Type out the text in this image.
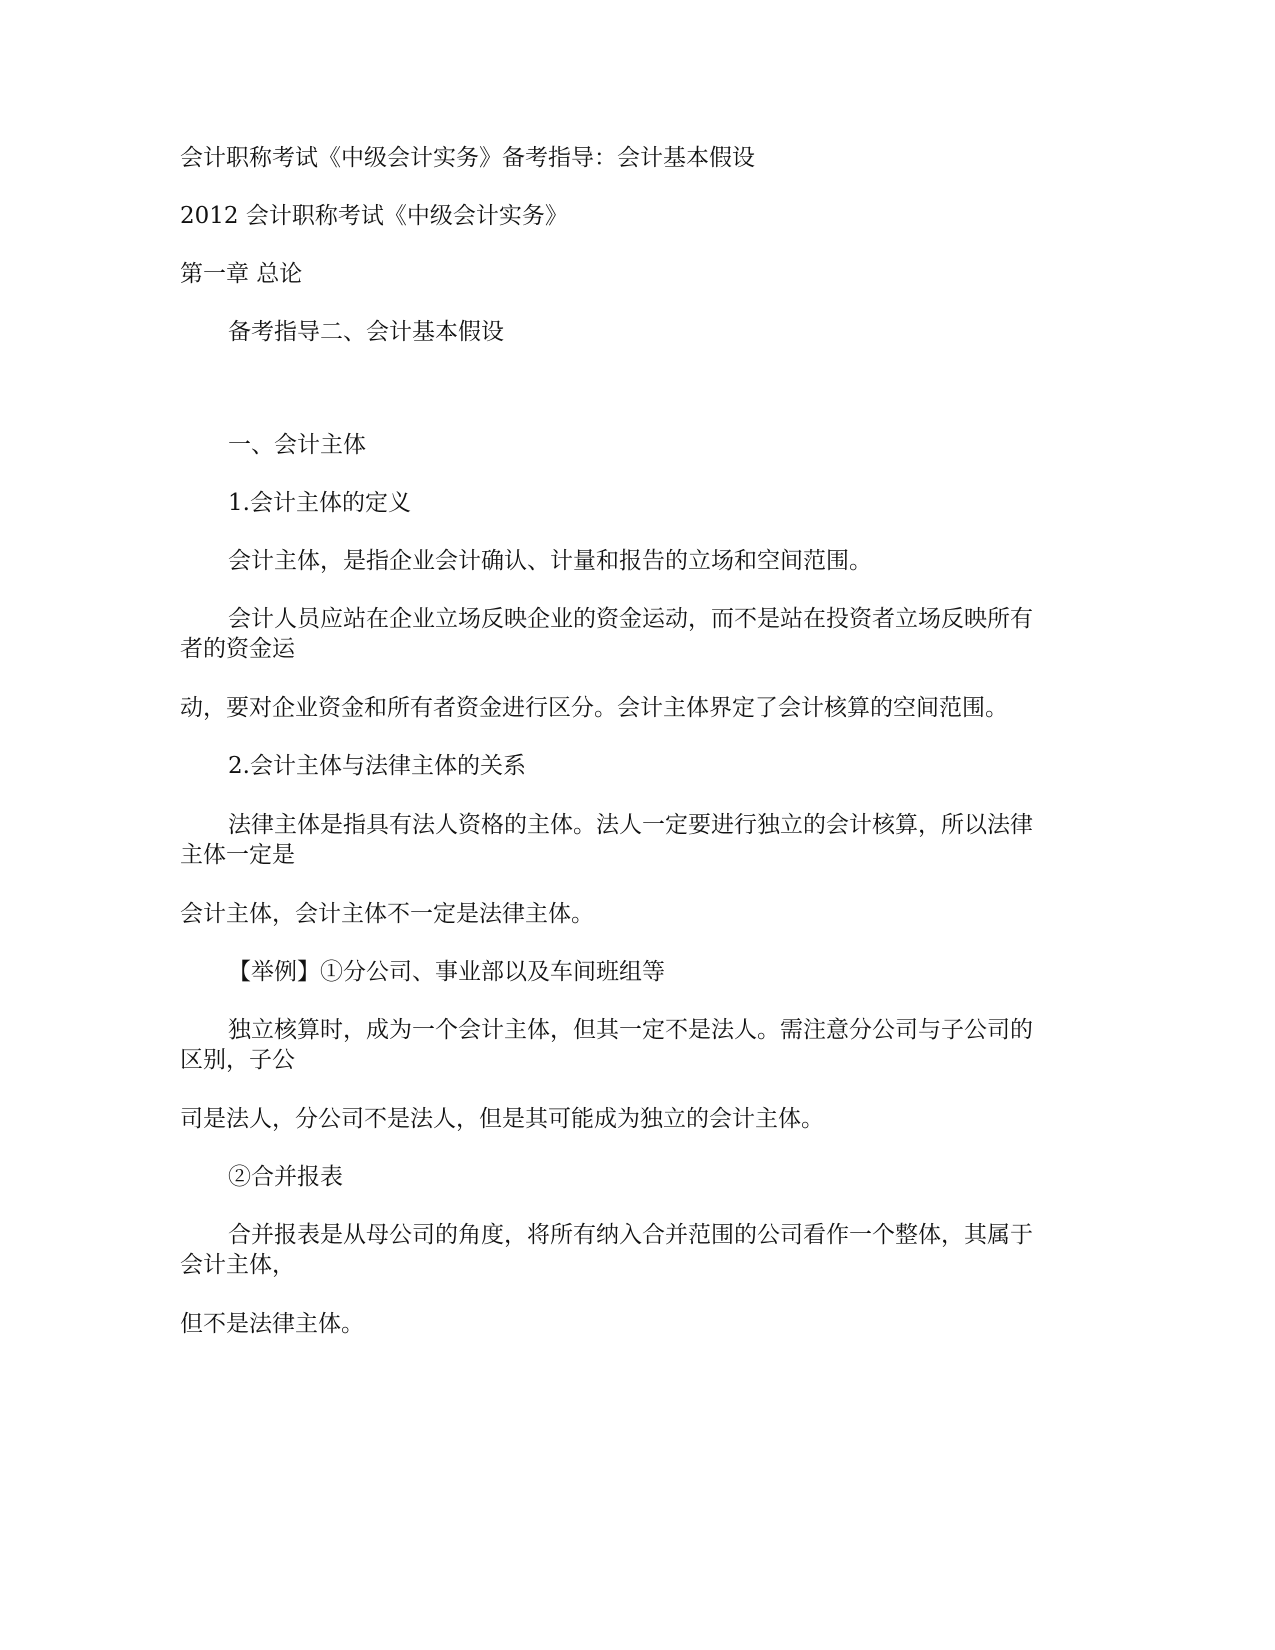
会计职称考试《中级会计实务》备考指导：会计基本假设
2012 会计职称考试《中级会计实务》
第一章 总论
备考指导二、会计基本假设
一、会计主体
1.会计主体的定义
会计主体，是指企业会计确认、计量和报告的立场和空间范围。
会计人员应站在企业立场反映企业的资金运动，而不是站在投资者立场反映所有者的资金运
动，要对企业资金和所有者资金进行区分。会计主体界定了会计核算的空间范围。
2.会计主体与法律主体的关系
法律主体是指具有法人资格的主体。法人一定要进行独立的会计核算，所以法律主体一定是
会计主体，会计主体不一定是法律主体。
【举例】①分公司、事业部以及车间班组等
独立核算时，成为一个会计主体，但其一定不是法人。需注意分公司与子公司的区别，子公
司是法人，分公司不是法人，但是其可能成为独立的会计主体。
②合并报表
合并报表是从母公司的角度，将所有纳入合并范围的公司看作一个整体，其属于会计主体，
但不是法律主体。
